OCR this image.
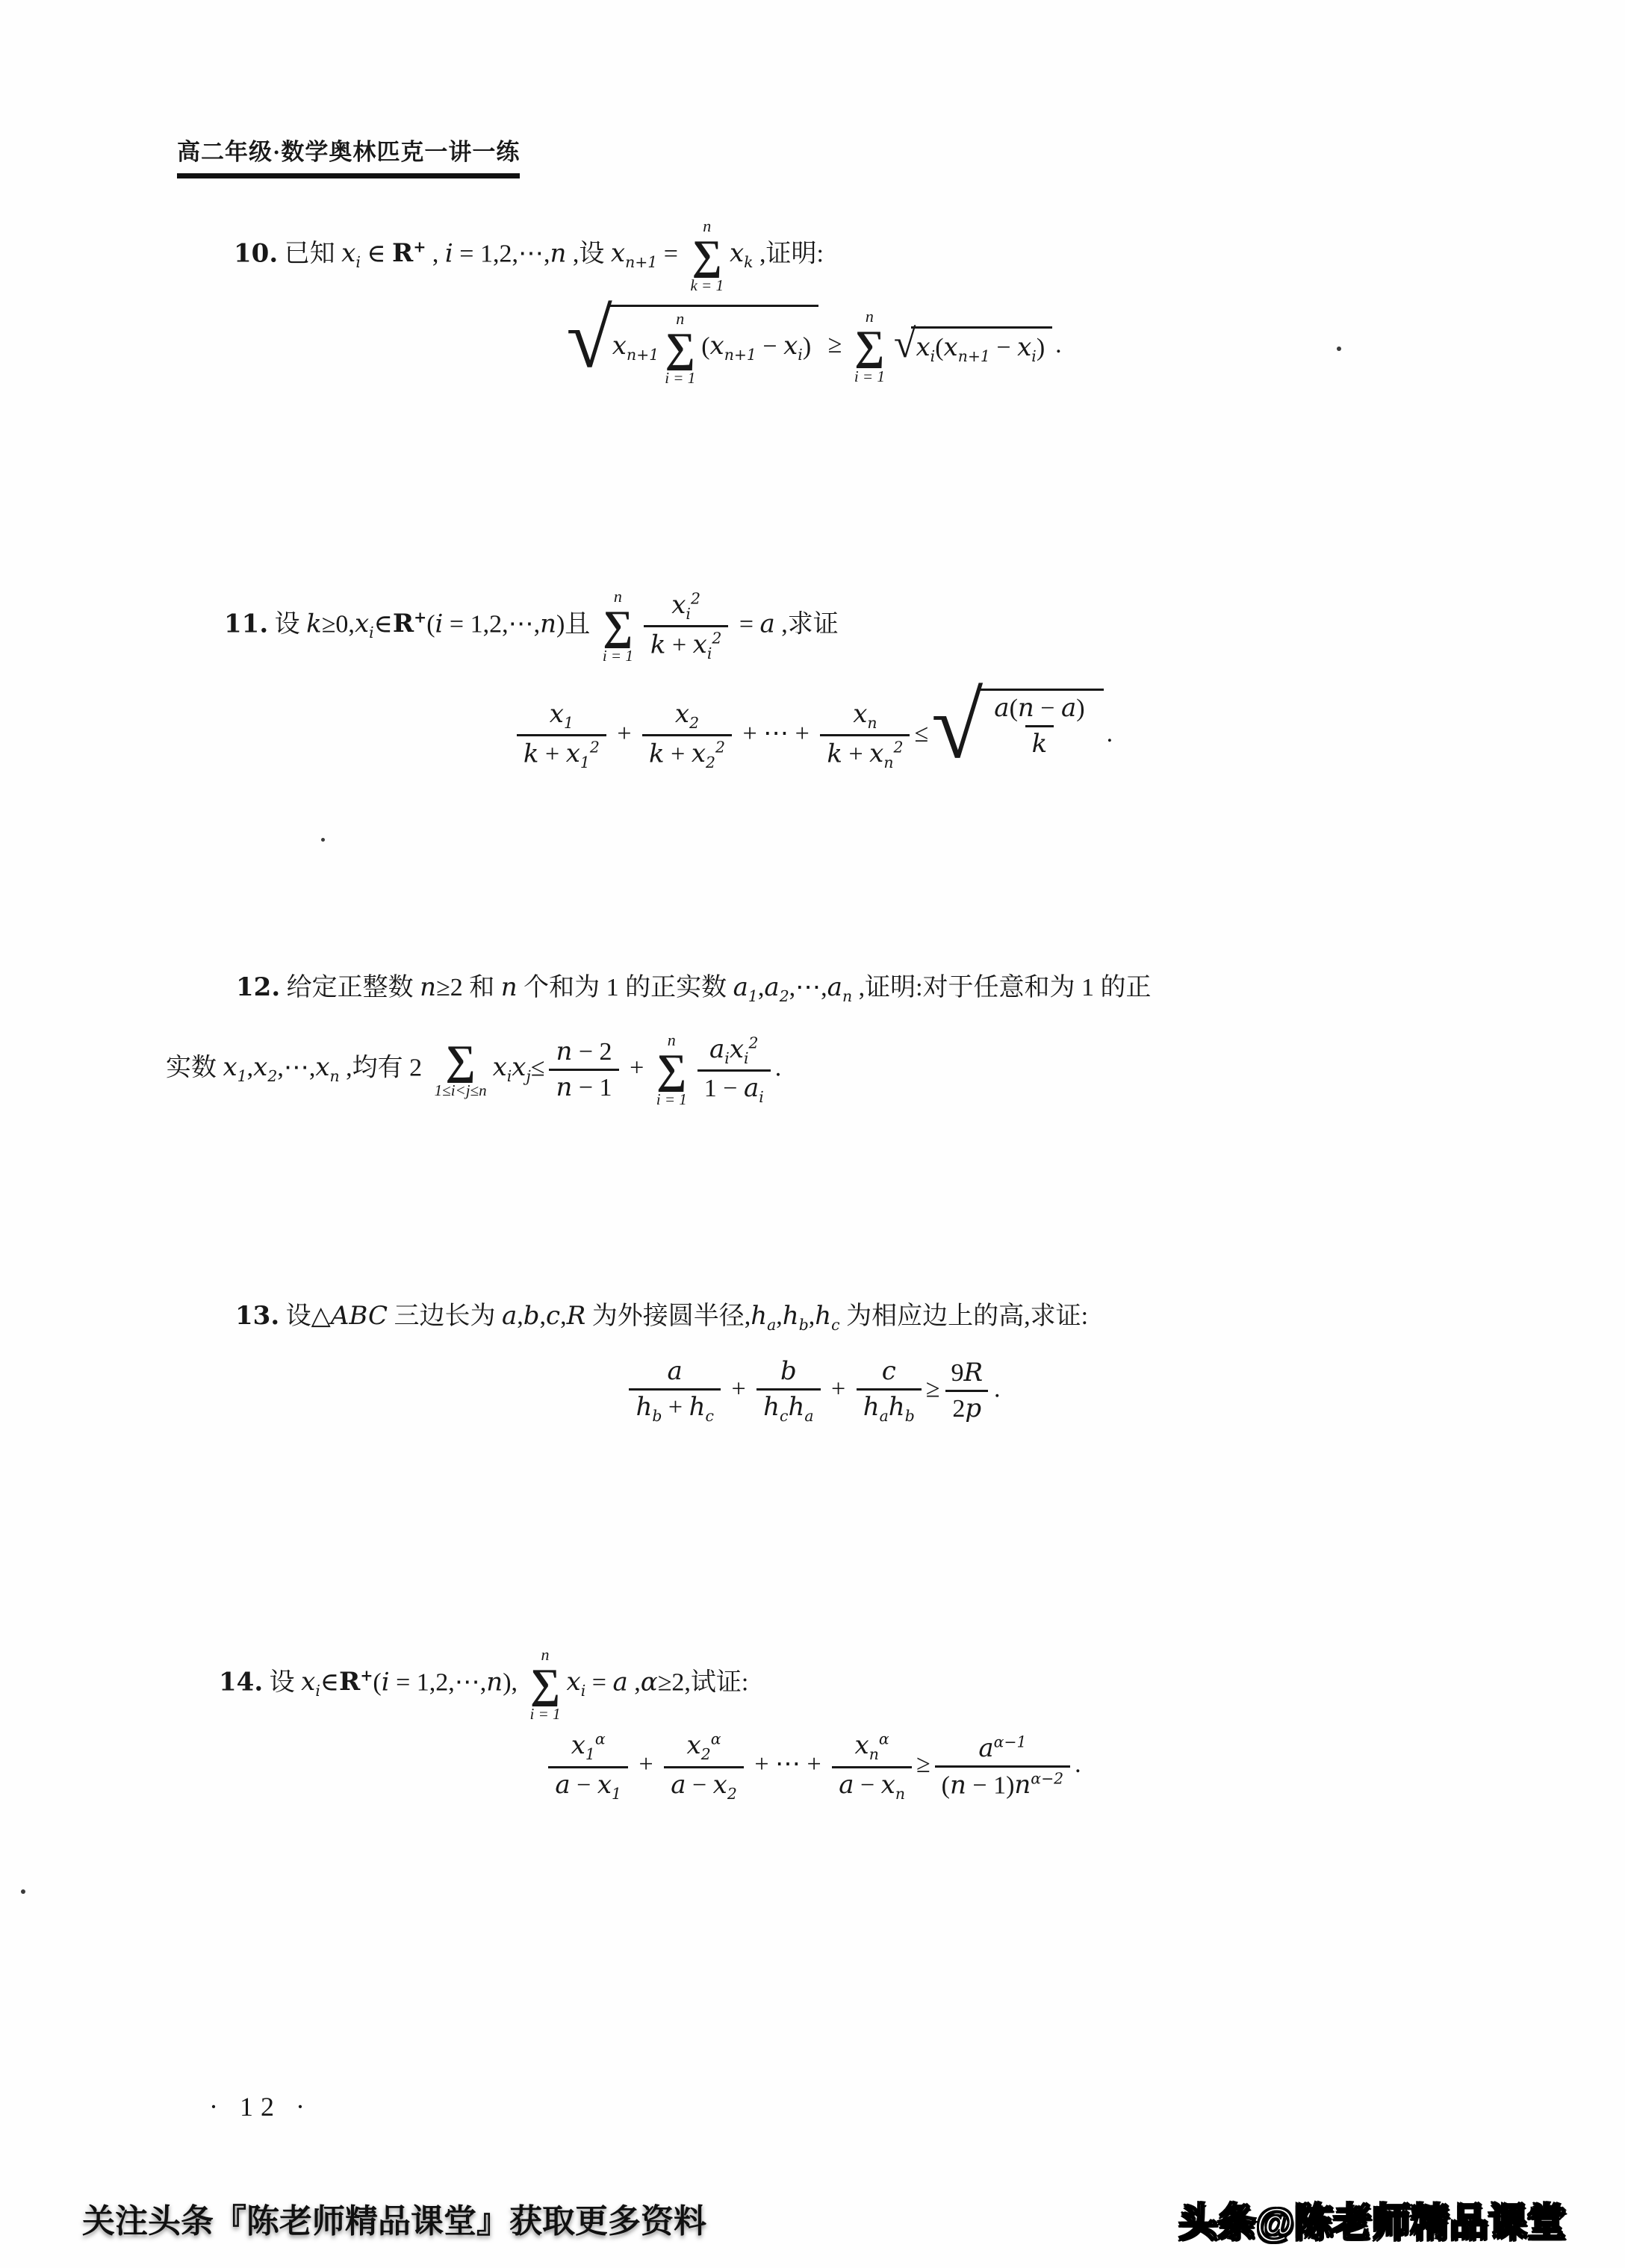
高二年级·数学奥林匹克一讲一练
10. 已知 $x_i$ ∈ R+ , i = 1,2,⋯,n ,设 $x_{n+1}$ =
n
∑
k = 1
$x_k$ ,证明:
√ $x_{n+1}$
n
∑
i = 1
$(x_{n+1} - x_i)$ ≥
n
∑
i = 1
√ $x_i(x_{n+1} - x_i)$ .
11. 设 $k\ge 0,x_i\in R^+(i$ = 1,2,⋯,n)且
n
∑
$i = 1 \frac{x_i^2}{k + x_i^2} = a$ ,求证
$\frac{x_1}{k + x_1^2} + \frac{x_2}{k + x_2^2}$ + ⋯ + $\frac{x_n}{k + x_n^2}$ ≤ √ $\frac{a(n - a)}{k}$ .
12. 给定正整数 n≥2 和 n 个和为 1 的正实数 $a_1,a_2,\cdots,a_n$ ,证明:对于任意和为 1 的正
实数 $x_1,x_2,\cdots,x_n$ ,均有 2 ∑
1≤i<j≤n
$x_ix_j\le \frac{n - 2}{n - 1}$ +
n
∑
i = 1
$a_ix_i^2$
$1 - a_i$
.
13. 设△ABC 三边长为 a,b,c,R 为外接圆半径$,h_a,h_b,h_c$ 为相应边上的高,求证:
$\frac{a}{h_b + h_c}$ +
b
$h_ch_a$
+
c
$h_ah_b$
≥ $\frac{9R}{2p}$ .
14. 设 $x_i\in R^+(i$ = 1,2,⋯,n),
n
∑
i = 1
$x_i = a$ ,α≥2,试证:
$\frac{x_1^\alpha}{a - x_1} + \frac{x_2^\alpha}{a - x_2}$ + ⋯ +
$x_n^\alpha$
$a - x_n$
≥ $\frac{a^{\alpha-1}}{(n - 1)n^{\alpha-2}}$ .
· 12 ·
关注头条『陈老师精品课堂』获取更多资料	头条@陈老师精品课堂
